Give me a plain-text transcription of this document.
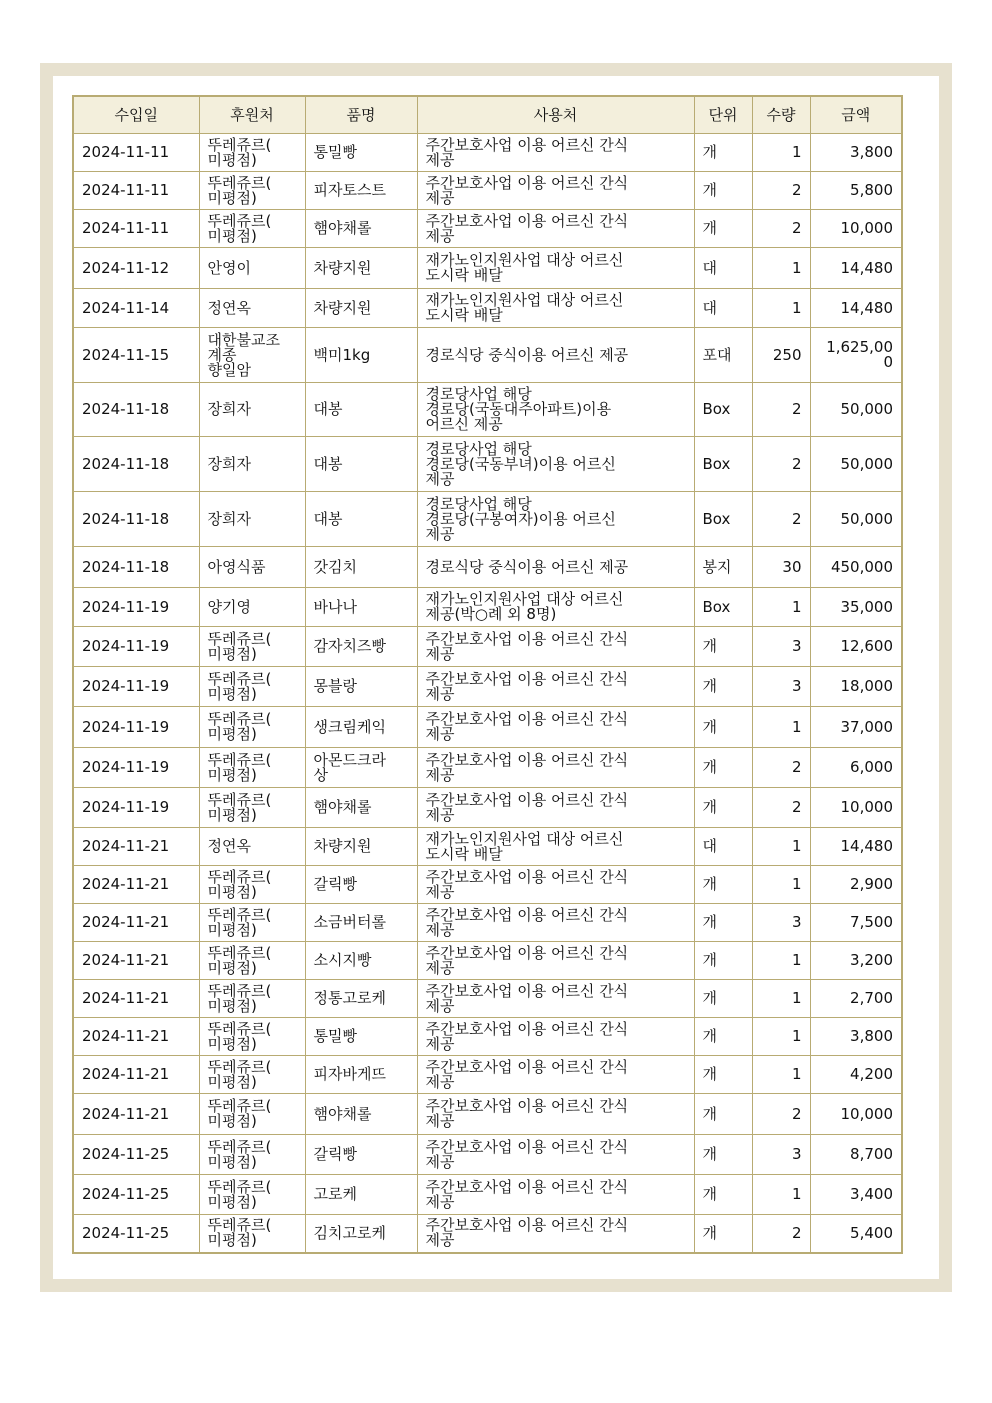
수입일	후원처	품명	사용처	단위	수량	금액
2024-11-11	뚜레쥬르(
미평점)	통밀빵	주간보호사업 이용 어르신 간식
제공	개	1	3,800
2024-11-11	뚜레쥬르(
미평점)	피자토스트	주간보호사업 이용 어르신 간식
제공	개	2	5,800
2024-11-11	뚜레쥬르(
미평점)	햄야채롤	주간보호사업 이용 어르신 간식
제공	개	2	10,000
2024-11-12	안영이	차량지원	재가노인지원사업 대상 어르신
도시락 배달	대	1	14,480
2024-11-14	정연옥	차량지원	재가노인지원사업 대상 어르신
도시락 배달	대	1	14,480
2024-11-15	대한불교조
계종
향일암	백미1kg	경로식당 중식이용 어르신 제공	포대	250	1,625,00
0
2024-11-18	장희자	대봉	경로당사업 해당
경로당(국동대주아파트)이용
어르신 제공	Box	2	50,000
2024-11-18	장희자	대봉	경로당사업 해당
경로당(국동부녀)이용 어르신
제공	Box	2	50,000
2024-11-18	장희자	대봉	경로당사업 해당
경로당(구봉여자)이용 어르신
제공	Box	2	50,000
2024-11-18	아영식품	갓김치	경로식당 중식이용 어르신 제공	봉지	30	450,000
2024-11-19	양기영	바나나	재가노인지원사업 대상 어르신
제공(박○례 외 8명)	Box	1	35,000
2024-11-19	뚜레쥬르(
미평점)	감자치즈빵	주간보호사업 이용 어르신 간식
제공	개	3	12,600
2024-11-19	뚜레쥬르(
미평점)	몽블랑	주간보호사업 이용 어르신 간식
제공	개	3	18,000
2024-11-19	뚜레쥬르(
미평점)	생크림케익	주간보호사업 이용 어르신 간식
제공	개	1	37,000
2024-11-19	뚜레쥬르(
미평점)	아몬드크라
상	주간보호사업 이용 어르신 간식
제공	개	2	6,000
2024-11-19	뚜레쥬르(
미평점)	햄야채롤	주간보호사업 이용 어르신 간식
제공	개	2	10,000
2024-11-21	정연옥	차량지원	재가노인지원사업 대상 어르신
도시락 배달	대	1	14,480
2024-11-21	뚜레쥬르(
미평점)	갈릭빵	주간보호사업 이용 어르신 간식
제공	개	1	2,900
2024-11-21	뚜레쥬르(
미평점)	소금버터롤	주간보호사업 이용 어르신 간식
제공	개	3	7,500
2024-11-21	뚜레쥬르(
미평점)	소시지빵	주간보호사업 이용 어르신 간식
제공	개	1	3,200
2024-11-21	뚜레쥬르(
미평점)	정통고로케	주간보호사업 이용 어르신 간식
제공	개	1	2,700
2024-11-21	뚜레쥬르(
미평점)	통밀빵	주간보호사업 이용 어르신 간식
제공	개	1	3,800
2024-11-21	뚜레쥬르(
미평점)	피자바게뜨	주간보호사업 이용 어르신 간식
제공	개	1	4,200
2024-11-21	뚜레쥬르(
미평점)	햄야채롤	주간보호사업 이용 어르신 간식
제공	개	2	10,000
2024-11-25	뚜레쥬르(
미평점)	갈릭빵	주간보호사업 이용 어르신 간식
제공	개	3	8,700
2024-11-25	뚜레쥬르(
미평점)	고로케	주간보호사업 이용 어르신 간식
제공	개	1	3,400
2024-11-25	뚜레쥬르(
미평점)	김치고로케	주간보호사업 이용 어르신 간식
제공	개	2	5,400
